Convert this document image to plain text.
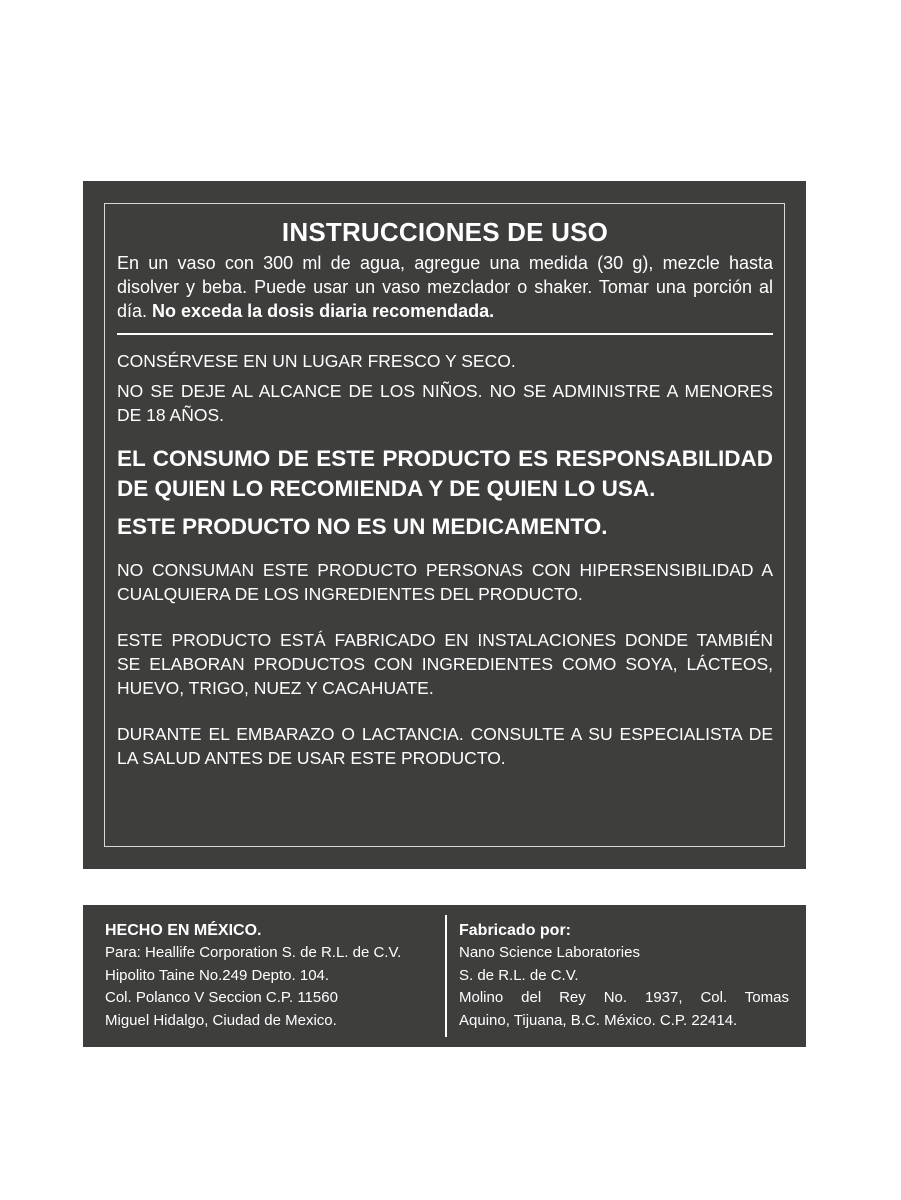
INSTRUCCIONES DE USO

En un vaso con 300 ml de agua, agregue una medida (30 g), mezcle hasta disolver y beba. Puede usar un vaso mezclador o shaker. Tomar una porción al día. No exceda la dosis diaria recomendada.

CONSÉRVESE EN UN LUGAR FRESCO Y SECO.

NO SE DEJE AL ALCANCE DE LOS NIÑOS. NO SE ADMINISTRE A MENORES DE 18 AÑOS.

EL CONSUMO DE ESTE PRODUCTO ES RESPONSABILIDAD DE QUIEN LO RECOMIENDA Y DE QUIEN LO USA.

ESTE PRODUCTO NO ES UN MEDICAMENTO.

NO CONSUMAN ESTE PRODUCTO PERSONAS CON HIPERSENSIBILIDAD A CUALQUIERA DE LOS INGREDIENTES DEL PRODUCTO.

ESTE PRODUCTO ESTÁ FABRICADO EN INSTALACIONES DONDE TAMBIÉN SE ELABORAN PRODUCTOS CON INGREDIENTES COMO SOYA, LÁCTEOS, HUEVO, TRIGO, NUEZ Y CACAHUATE.

DURANTE EL EMBARAZO O LACTANCIA. CONSULTE A SU ESPECIALISTA DE LA SALUD ANTES DE USAR ESTE PRODUCTO.

HECHO EN MÉXICO.

Para: Heallife Corporation S. de R.L. de C.V.

Hipolito Taine No.249 Depto. 104.

Col. Polanco V Seccion C.P. 11560

Miguel Hidalgo, Ciudad de Mexico.

Fabricado por:

Nano Science Laboratories

S. de R.L. de C.V.

Molino del Rey No. 1937, Col. Tomas

Aquino, Tijuana, B.C. México. C.P. 22414.
